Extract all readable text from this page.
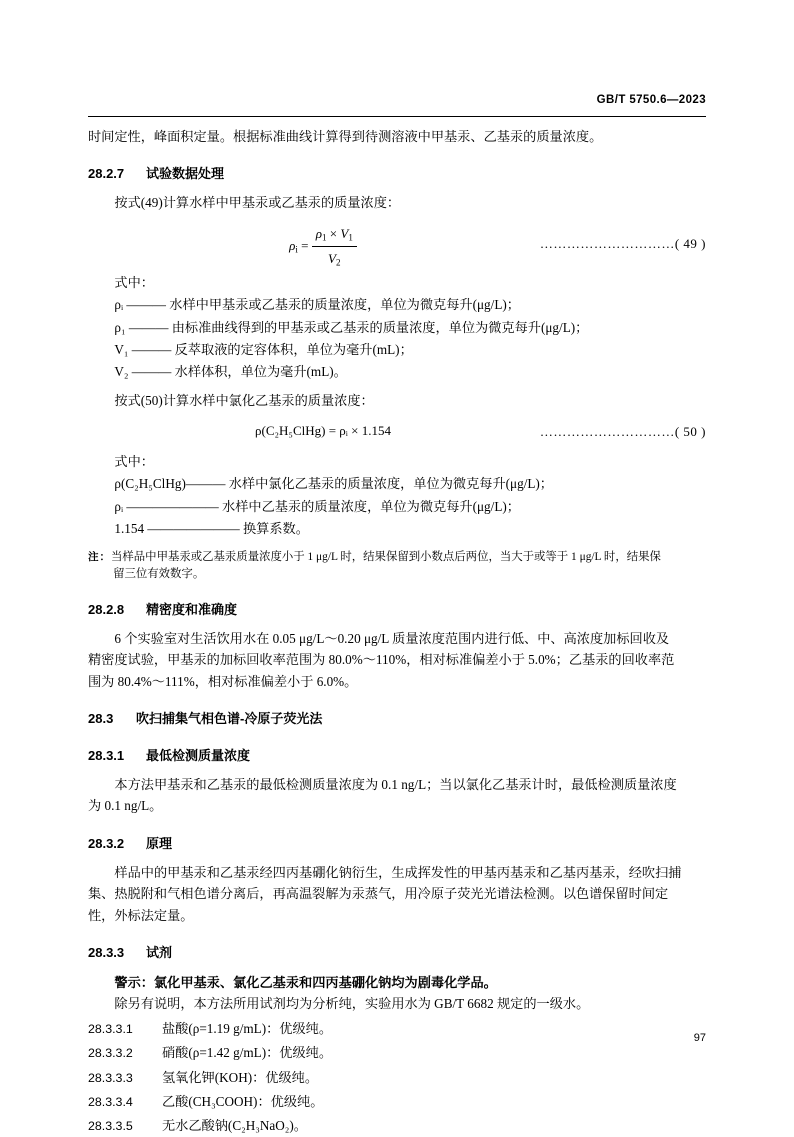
GB/T 5750.6—2023

时间定性，峰面积定量。根据标准曲线计算得到待测溶液中甲基汞、乙基汞的质量浓度。

28.2.7 试验数据处理

按式(49)计算水样中甲基汞或乙基汞的质量浓度：

$\rho_i = \frac{\rho_1 \times V_1}{V_2}$	…………………………( 49 )

式中：

ρᵢ ——— 水样中甲基汞或乙基汞的质量浓度，单位为微克每升(μg/L)；

ρ₁ ——— 由标准曲线得到的甲基汞或乙基汞的质量浓度，单位为微克每升(μg/L)；

V₁ ——— 反萃取液的定容体积，单位为毫升(mL)；

V₂ ——— 水样体积，单位为毫升(mL)。

按式(50)计算水样中氯化乙基汞的质量浓度：

ρ(C₂H₅ClHg) = ρᵢ × 1.154	…………………………( 50 )

式中：

ρ(C₂H₅ClHg)——— 水样中氯化乙基汞的质量浓度，单位为微克每升(μg/L)；

ρᵢ ——————— 水样中乙基汞的质量浓度，单位为微克每升(μg/L)；

1.154 ——————— 换算系数。

注：当样品中甲基汞或乙基汞质量浓度小于 1 μg/L 时，结果保留到小数点后两位，当大于或等于 1 μg/L 时，结果保

留三位有效数字。

28.2.8 精密度和准确度

6 个实验室对生活饮用水在 0.05 μg/L～0.20 μg/L 质量浓度范围内进行低、中、高浓度加标回收及

精密度试验，甲基汞的加标回收率范围为 80.0%～110%，相对标准偏差小于 5.0%；乙基汞的回收率范

围为 80.4%～111%，相对标准偏差小于 6.0%。

28.3 吹扫捕集气相色谱-冷原子荧光法
28.3.1 最低检测质量浓度

本方法甲基汞和乙基汞的最低检测质量浓度为 0.1 ng/L；当以氯化乙基汞计时，最低检测质量浓度

为 0.1 ng/L。

28.3.2 原理

样品中的甲基汞和乙基汞经四丙基硼化钠衍生，生成挥发性的甲基丙基汞和乙基丙基汞，经吹扫捕

集、热脱附和气相色谱分离后，再高温裂解为汞蒸气，用冷原子荧光光谱法检测。以色谱保留时间定

性，外标法定量。

28.3.3 试剂

警示：氯化甲基汞、氯化乙基汞和四丙基硼化钠均为剧毒化学品。

除另有说明，本方法所用试剂均为分析纯，实验用水为 GB/T 6682 规定的一级水。

28.3.3.1 盐酸(ρ=1.19 g/mL)：优级纯。
28.3.3.2 硝酸(ρ=1.42 g/mL)：优级纯。
28.3.3.3 氢氧化钾(KOH)：优级纯。
28.3.3.4 乙酸(CH₃COOH)：优级纯。
28.3.3.5 无水乙酸钠(C₂H₃NaO₂)。
97
